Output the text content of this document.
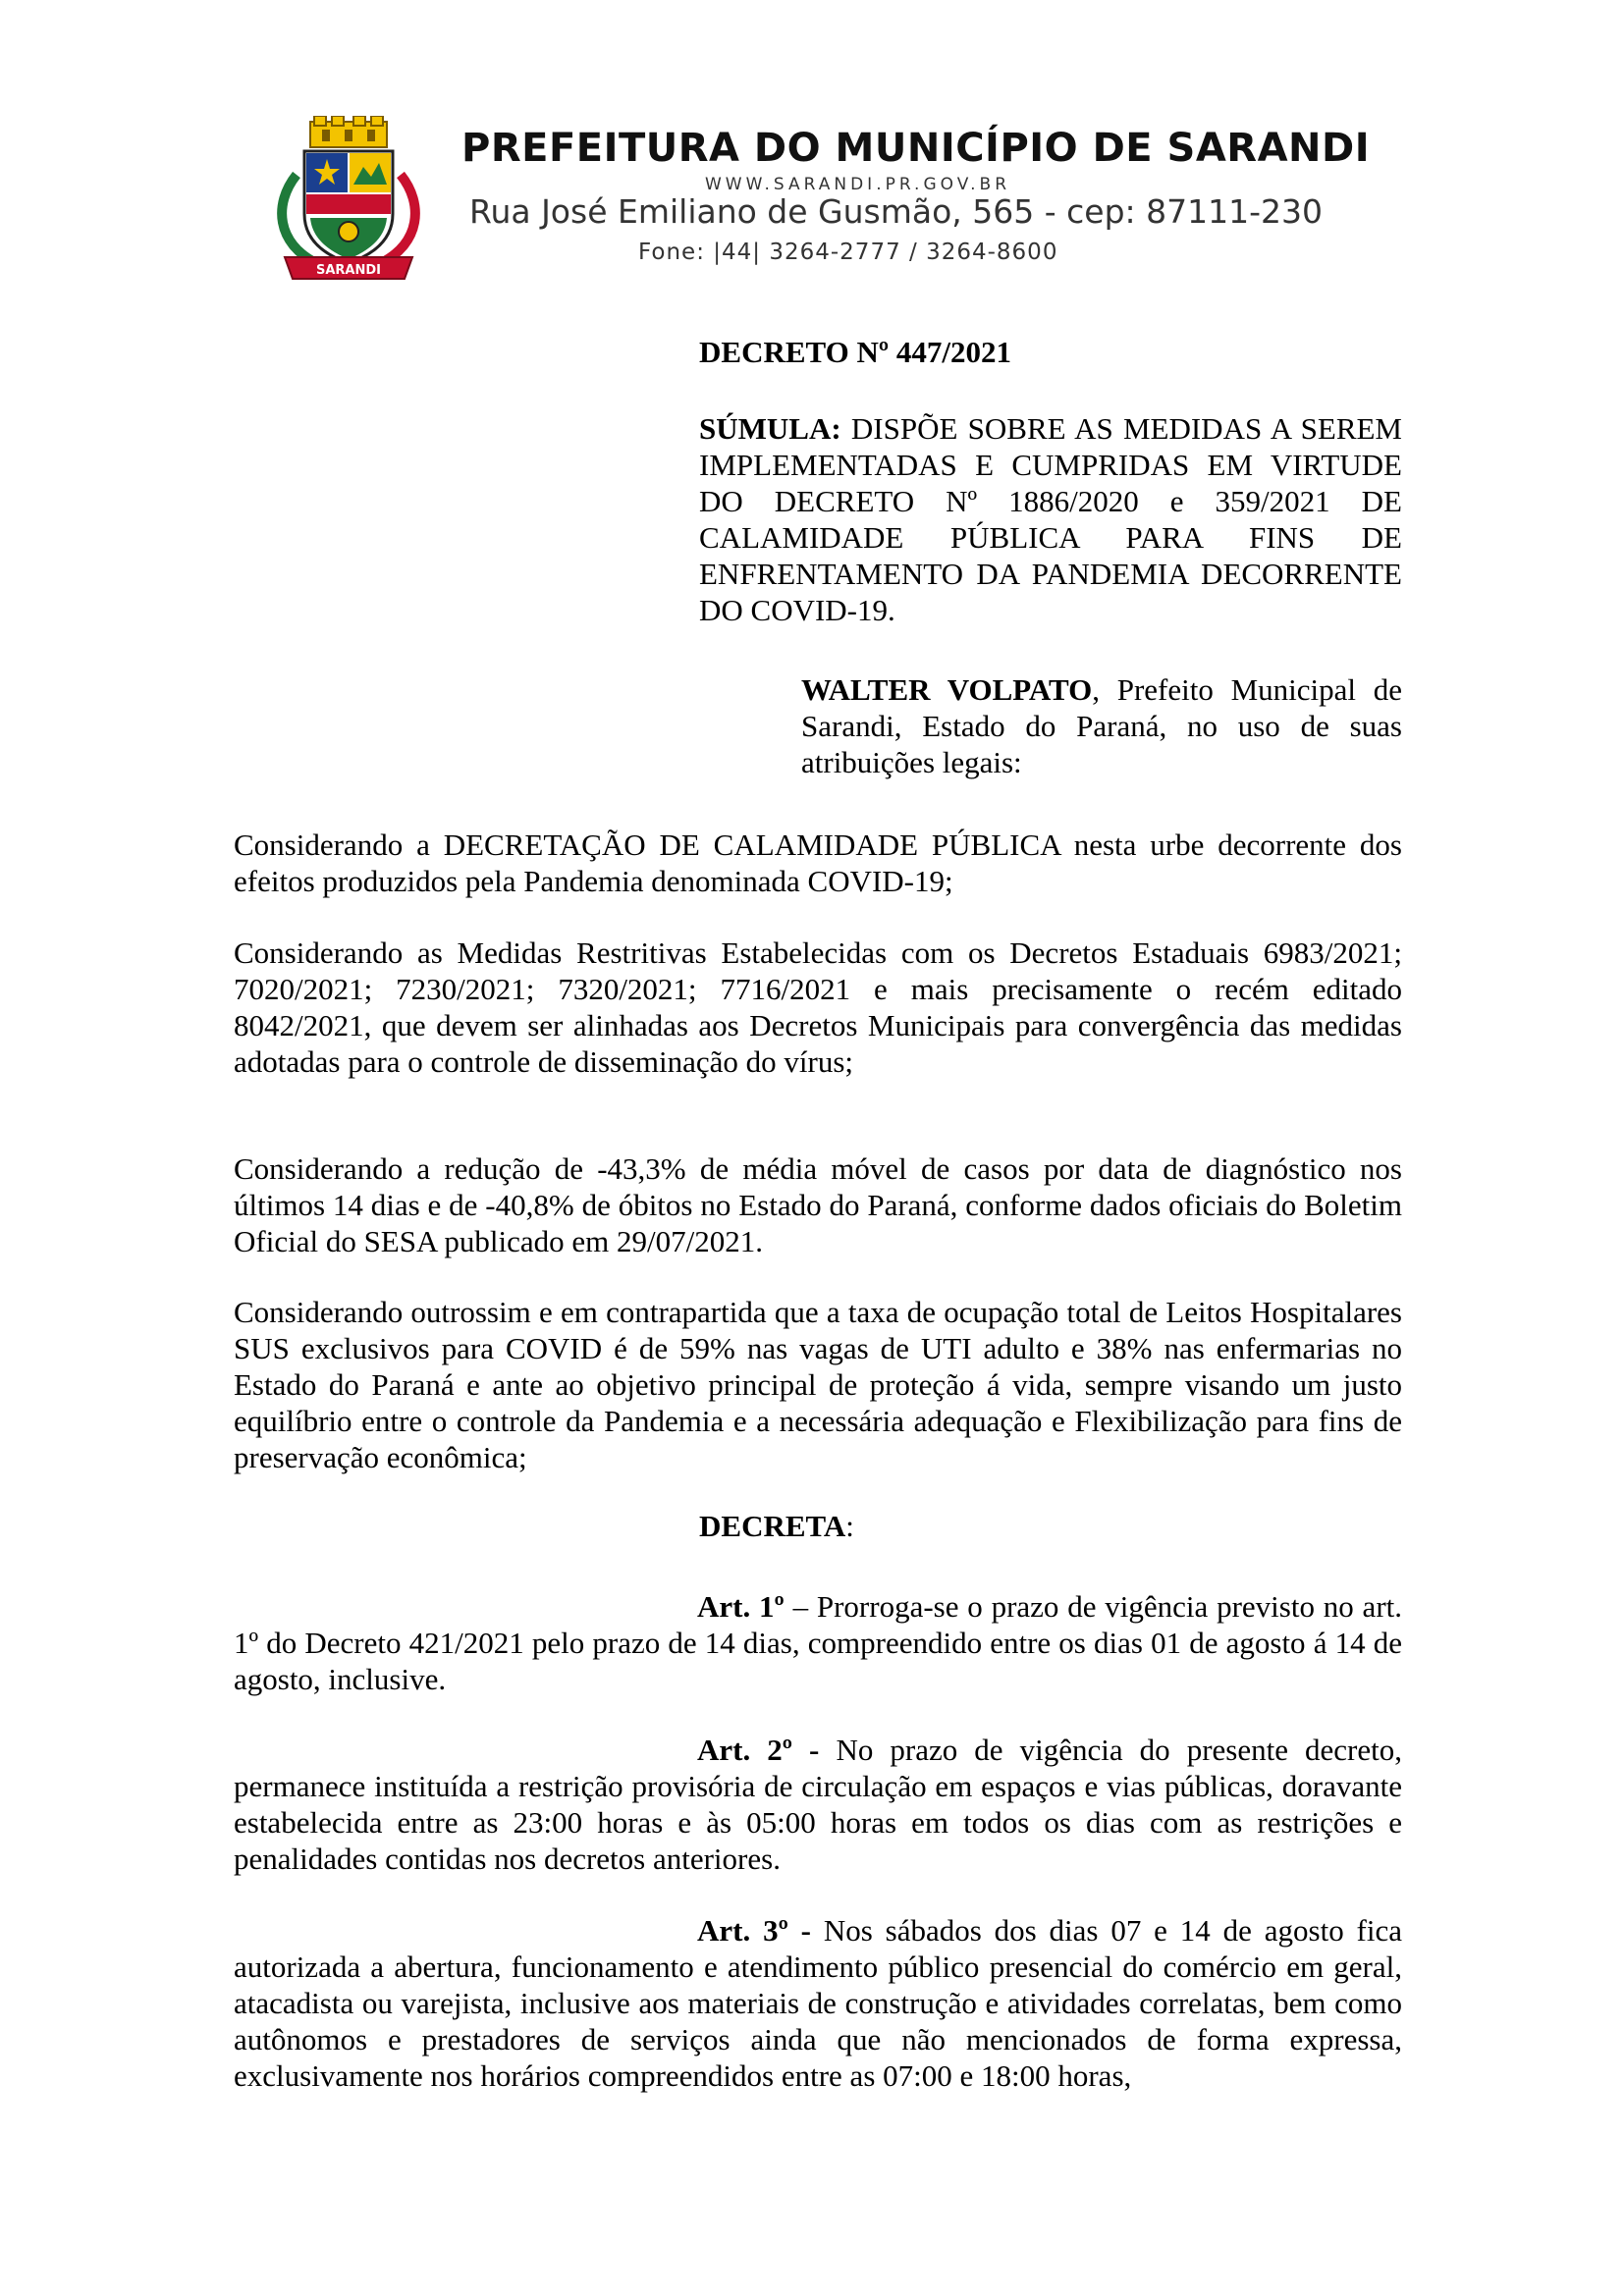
SARANDI
PREFEITURA DO MUNICÍPIO DE SARANDI
WWW.SARANDI.PR.GOV.BR
Rua José Emiliano de Gusmão, 565 - cep: 87111-230
Fone: |44| 3264-2777 / 3264-8600
DECRETO Nº 447/2021
SÚMULA: DISPÕE SOBRE AS MEDIDAS A SEREM IMPLEMENTADAS E CUMPRIDAS EM VIRTUDE DO DECRETO Nº 1886/2020 e 359/2021 DE CALAMIDADE PÚBLICA PARA FINS DE ENFRENTAMENTO DA PANDEMIA DECORRENTE DO COVID-19.
WALTER VOLPATO, Prefeito Municipal de Sarandi, Estado do Paraná, no uso de suas atribuições legais:
Considerando a DECRETAÇÃO DE CALAMIDADE PÚBLICA nesta urbe decorrente dos efeitos produzidos pela Pandemia denominada COVID-19;
Considerando as Medidas Restritivas Estabelecidas com os Decretos Estaduais 6983/2021; 7020/2021; 7230/2021; 7320/2021; 7716/2021 e mais precisamente o recém editado 8042/2021, que devem ser alinhadas aos Decretos Municipais para convergência das medidas adotadas para o controle de disseminação do vírus;
Considerando a redução de -43,3% de média móvel de casos por data de diagnóstico nos últimos 14 dias e de -40,8% de óbitos no Estado do Paraná, conforme dados oficiais do Boletim Oficial do SESA publicado em 29/07/2021.
Considerando outrossim e em contrapartida que a taxa de ocupação total de Leitos Hospitalares SUS exclusivos para COVID é de 59% nas vagas de UTI adulto e 38% nas enfermarias no Estado do Paraná e ante ao objetivo principal de proteção á vida, sempre visando um justo equilíbrio entre o controle da Pandemia e a necessária adequação e Flexibilização para fins de preservação econômica;
DECRETA:
Art. 1º – Prorroga-se o prazo de vigência previsto no art. 1º do Decreto 421/2021 pelo prazo de 14 dias, compreendido entre os dias 01 de agosto á 14 de agosto, inclusive.
Art. 2º - No prazo de vigência do presente decreto, permanece instituída a restrição provisória de circulação em espaços e vias públicas, doravante estabelecida entre as 23:00 horas e às 05:00 horas em todos os dias com as restrições e penalidades contidas nos decretos anteriores.
Art. 3º - Nos sábados dos dias 07 e 14 de agosto fica autorizada a abertura, funcionamento e atendimento público presencial do comércio em geral, atacadista ou varejista, inclusive aos materiais de construção e atividades correlatas, bem como autônomos e prestadores de serviços ainda que não mencionados de forma expressa, exclusivamente nos horários compreendidos entre as 07:00 e 18:00 horas,
